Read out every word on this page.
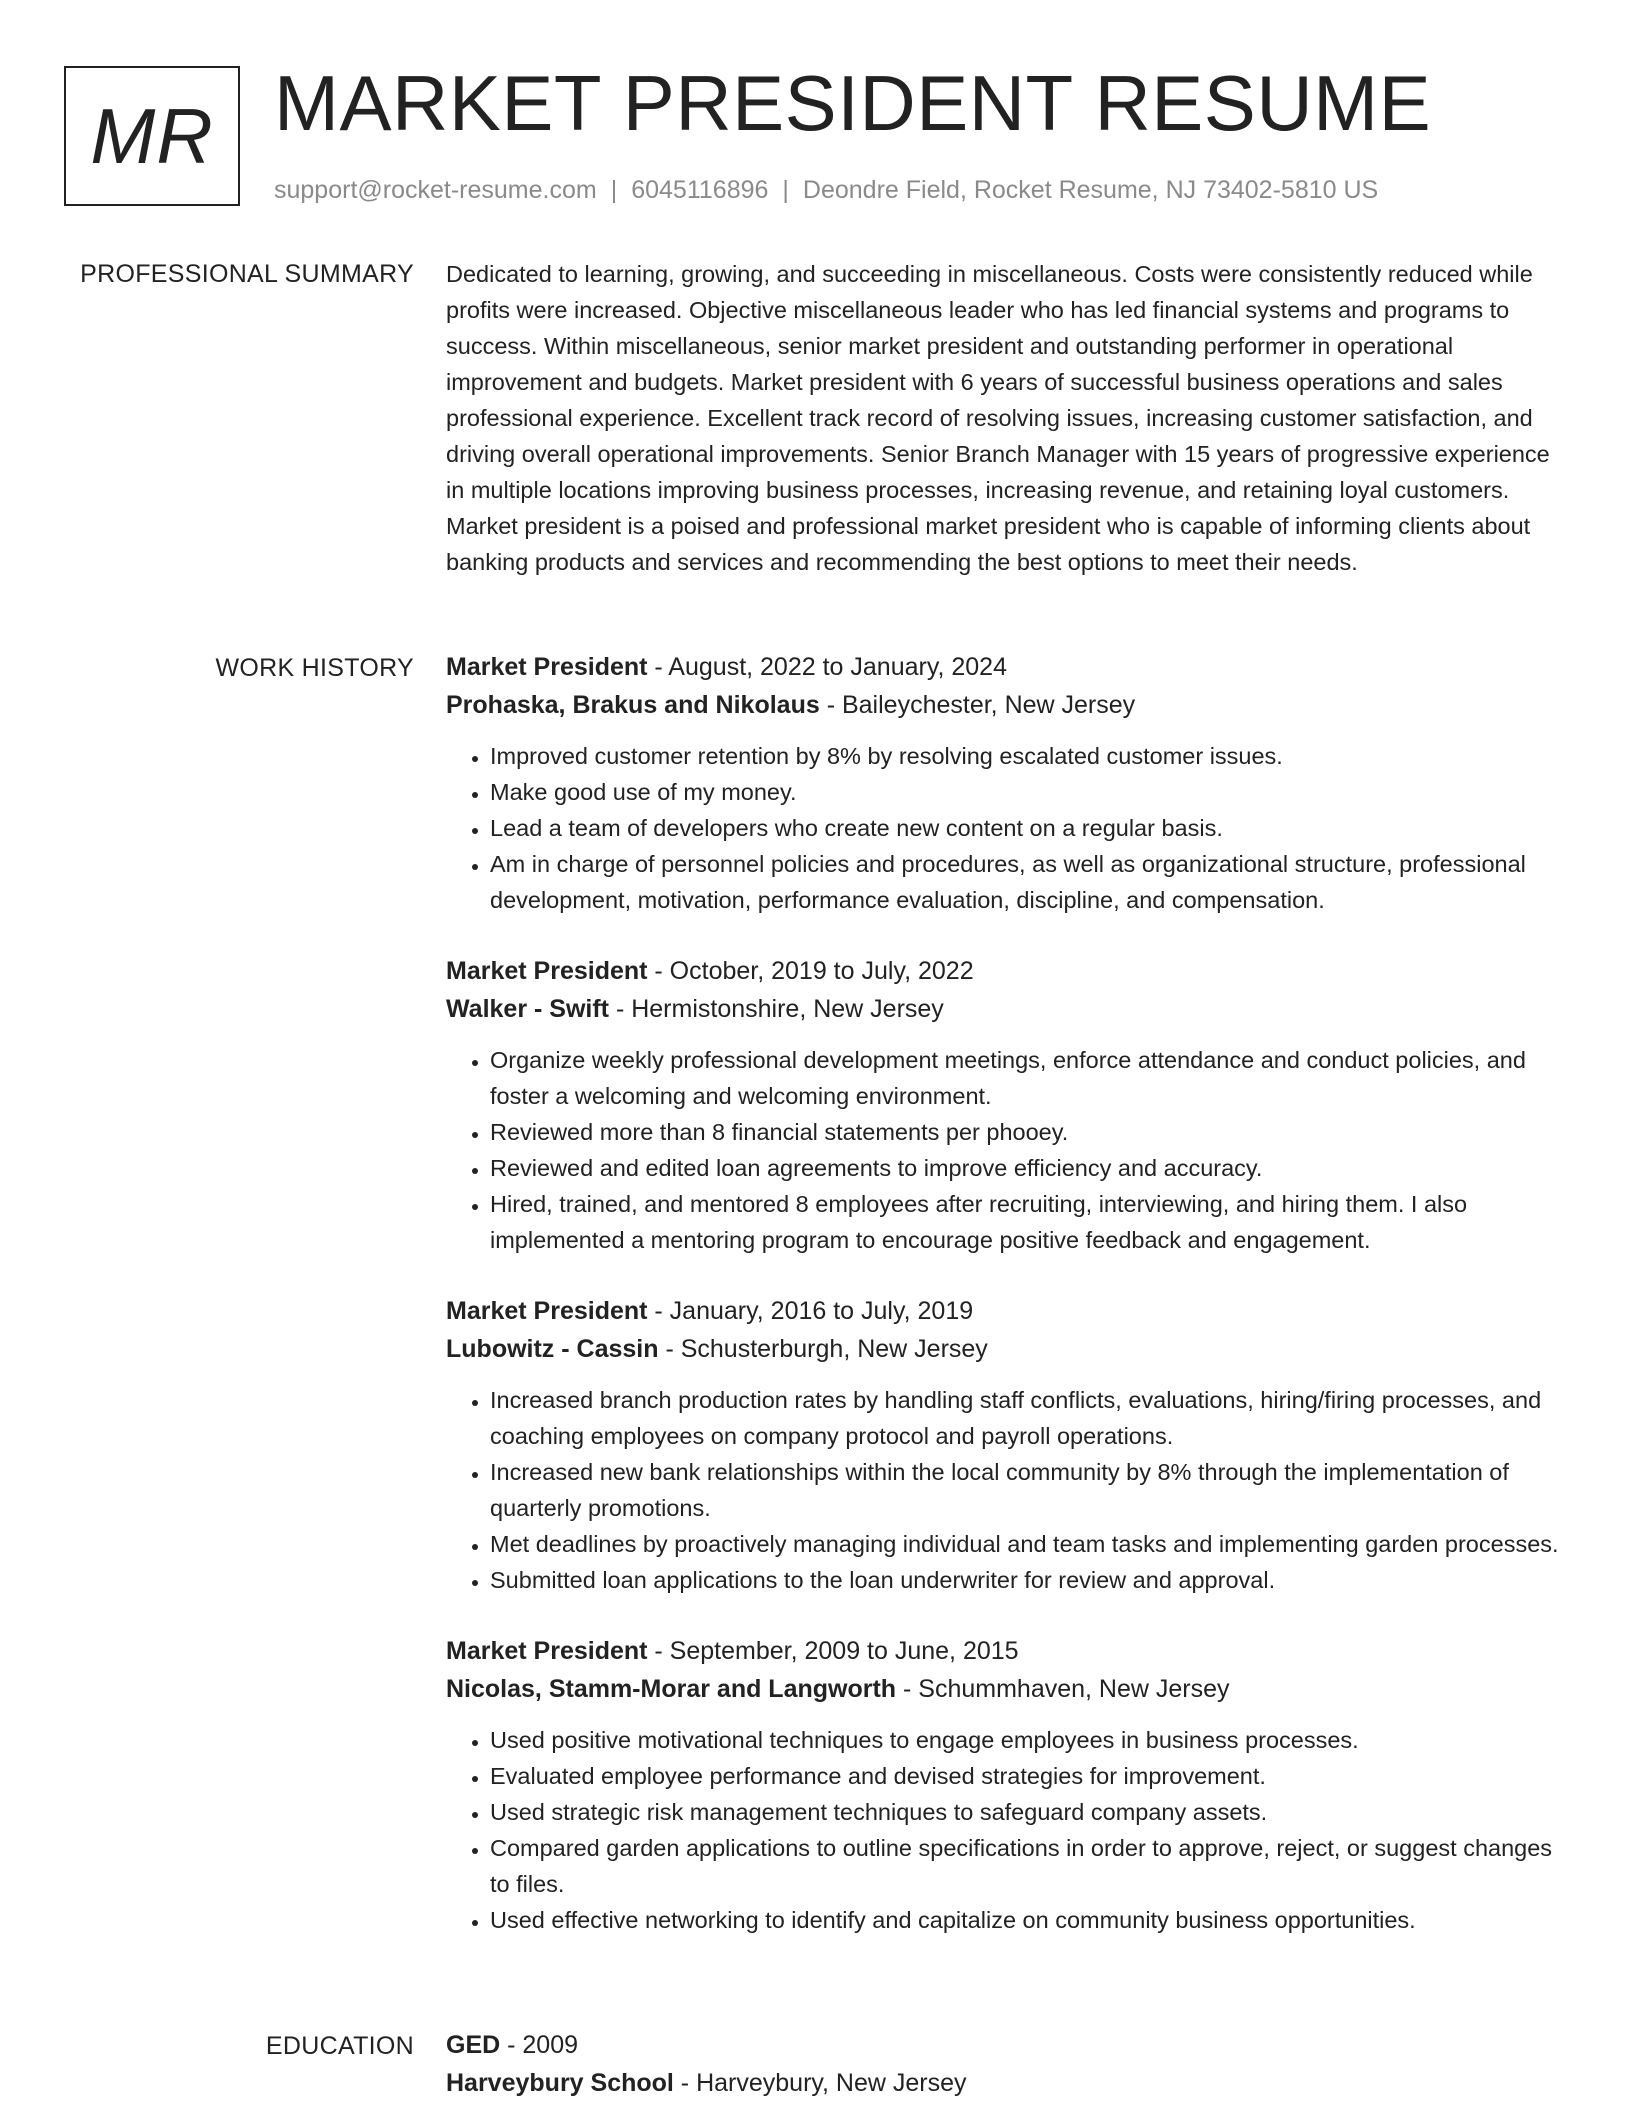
MR MARKET PRESIDENT RESUME
support@rocket-resume.com | 6045116896 | Deondre Field, Rocket Resume, NJ 73402-5810 US
PROFESSIONAL SUMMARY Dedicated to learning, growing, and succeeding in miscellaneous. Costs were consistently reduced while profits were increased. Objective miscellaneous leader who has led financial systems and programs to success. Within miscellaneous, senior market president and outstanding performer in operational improvement and budgets. Market president with 6 years of successful business operations and sales professional experience. Excellent track record of resolving issues, increasing customer satisfaction, and driving overall operational improvements. Senior Branch Manager with 15 years of progressive experience in multiple locations improving business processes, increasing revenue, and retaining loyal customers. Market president is a poised and professional market president who is capable of informing clients about banking products and services and recommending the best options to meet their needs.

WORK HISTORY Market President - August, 2022 to January, 2024
Prohaska, Brakus and Nikolaus - Baileychester, New Jersey
• Improved customer retention by 8% by resolving escalated customer issues.
• Make good use of my money.
• Lead a team of developers who create new content on a regular basis.
• Am in charge of personnel policies and procedures, as well as organizational structure, professional development, motivation, performance evaluation, discipline, and compensation.
Market President - October, 2019 to July, 2022
Walker - Swift - Hermistonshire, New Jersey
• Organize weekly professional development meetings, enforce attendance and conduct policies, and foster a welcoming and welcoming environment.
• Reviewed more than 8 financial statements per phooey.
• Reviewed and edited loan agreements to improve efficiency and accuracy.
• Hired, trained, and mentored 8 employees after recruiting, interviewing, and hiring them. I also implemented a mentoring program to encourage positive feedback and engagement.
Market President - January, 2016 to July, 2019
Lubowitz - Cassin - Schusterburgh, New Jersey
• Increased branch production rates by handling staff conflicts, evaluations, hiring/firing processes, and coaching employees on company protocol and payroll operations.
• Increased new bank relationships within the local community by 8% through the implementation of quarterly promotions.
• Met deadlines by proactively managing individual and team tasks and implementing garden processes.
• Submitted loan applications to the loan underwriter for review and approval.
Market President - September, 2009 to June, 2015
Nicolas, Stamm-Morar and Langworth - Schummhaven, New Jersey
• Used positive motivational techniques to engage employees in business processes.
• Evaluated employee performance and devised strategies for improvement.
• Used strategic risk management techniques to safeguard company assets.
• Compared garden applications to outline specifications in order to approve, reject, or suggest changes to files.
• Used effective networking to identify and capitalize on community business opportunities.
EDUCATION GED - 2009
Harveybury School - Harveybury, New Jersey
